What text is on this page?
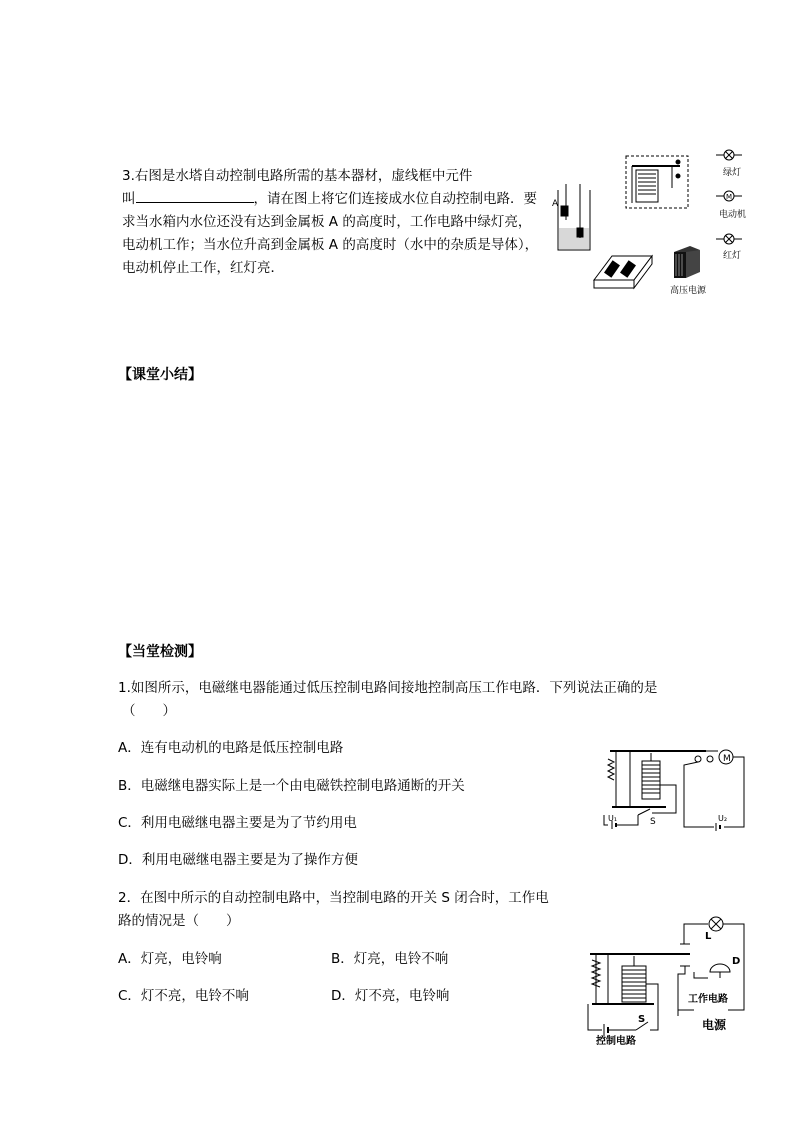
3.右图是水塔自动控制电路所需的基本器材，虚线框中元件
叫	，请在图上将它们连接成水位自动控制电路．要
求当水箱内水位还没有达到金属板 A 的高度时，工作电路中绿灯亮，
电动机工作；当水位升高到金属板 A 的高度时（水中的杂质是导体），
电动机停止工作，红灯亮．
A
高压电源
绿灯
M
电动机
红灯
【课堂小结】
【当堂检测】
1.如图所示，电磁继电器能通过低压控制电路间接地控制高压工作电路．下列说法正确的是
（　　）
A．连有电动机的电路是低压控制电路
B．电磁继电器实际上是一个由电磁铁控制电路通断的开关
C．利用电磁继电器主要是为了节约用电
D．利用电磁继电器主要是为了操作方便
M
S
U₁	U₂
2．在图中所示的自动控制电路中，当控制电路的开关 S 闭合时，工作电
路的情况是（　　）
A．灯亮，电铃响	B．灯亮，电铃不响
C．灯不亮，电铃不响	D．灯不亮，电铃响
L
D
S
工作电路
电源
控制电路
